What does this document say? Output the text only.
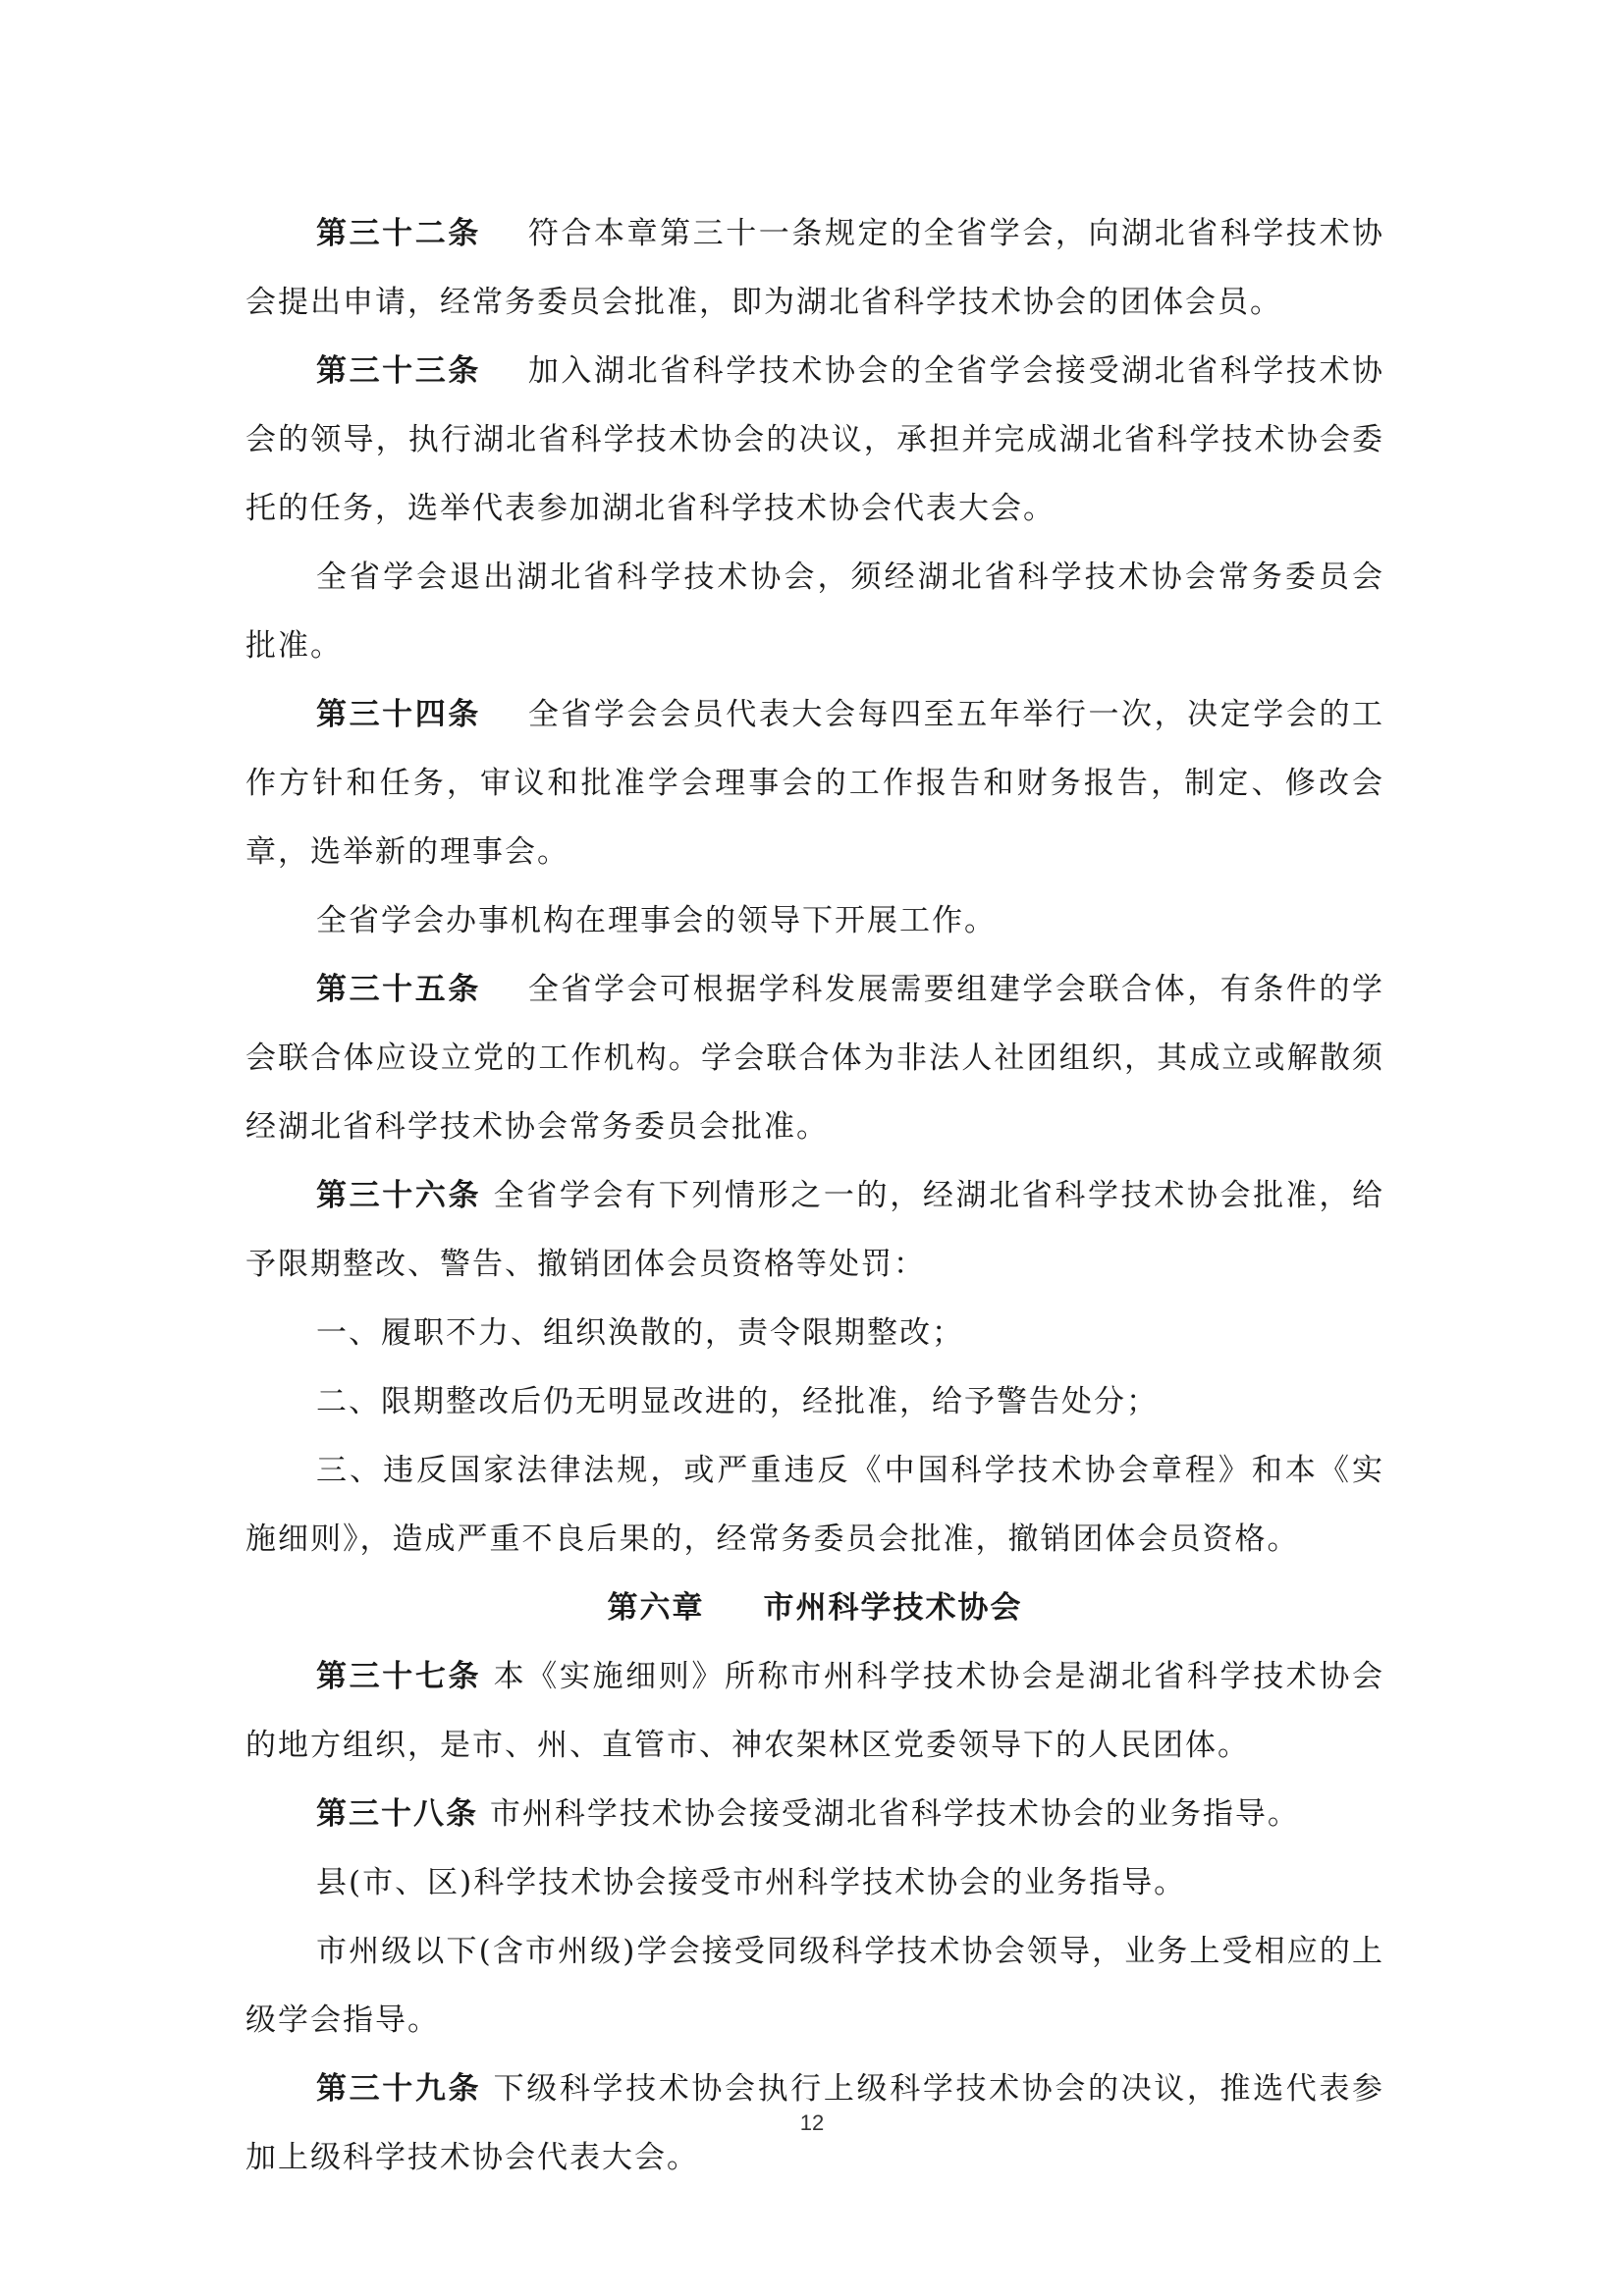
第三十二条 符合本章第三十一条规定的全省学会，向湖北省科学技术协会提出申请，经常务委员会批准，即为湖北省科学技术协会的团体会员。

第三十三条 加入湖北省科学技术协会的全省学会接受湖北省科学技术协会的领导，执行湖北省科学技术协会的决议，承担并完成湖北省科学技术协会委托的任务，选举代表参加湖北省科学技术协会代表大会。

全省学会退出湖北省科学技术协会，须经湖北省科学技术协会常务委员会批准。

第三十四条 全省学会会员代表大会每四至五年举行一次，决定学会的工作方针和任务，审议和批准学会理事会的工作报告和财务报告，制定、修改会章，选举新的理事会。

全省学会办事机构在理事会的领导下开展工作。

第三十五条 全省学会可根据学科发展需要组建学会联合体，有条件的学会联合体应设立党的工作机构。学会联合体为非法人社团组织，其成立或解散须经湖北省科学技术协会常务委员会批准。

第三十六条 全省学会有下列情形之一的，经湖北省科学技术协会批准，给予限期整改、警告、撤销团体会员资格等处罚：

一、履职不力、组织涣散的，责令限期整改；

二、限期整改后仍无明显改进的，经批准，给予警告处分；

三、违反国家法律法规，或严重违反《中国科学技术协会章程》和本《实施细则》，造成严重不良后果的，经常务委员会批准，撤销团体会员资格。

第六章 市州科学技术协会

第三十七条 本《实施细则》所称市州科学技术协会是湖北省科学技术协会的地方组织，是市、州、直管市、神农架林区党委领导下的人民团体。

第三十八条 市州科学技术协会接受湖北省科学技术协会的业务指导。

县(市、区)科学技术协会接受市州科学技术协会的业务指导。

市州级以下(含市州级)学会接受同级科学技术协会领导，业务上受相应的上级学会指导。

第三十九条 下级科学技术协会执行上级科学技术协会的决议，推选代表参加上级科学技术协会代表大会。

12
